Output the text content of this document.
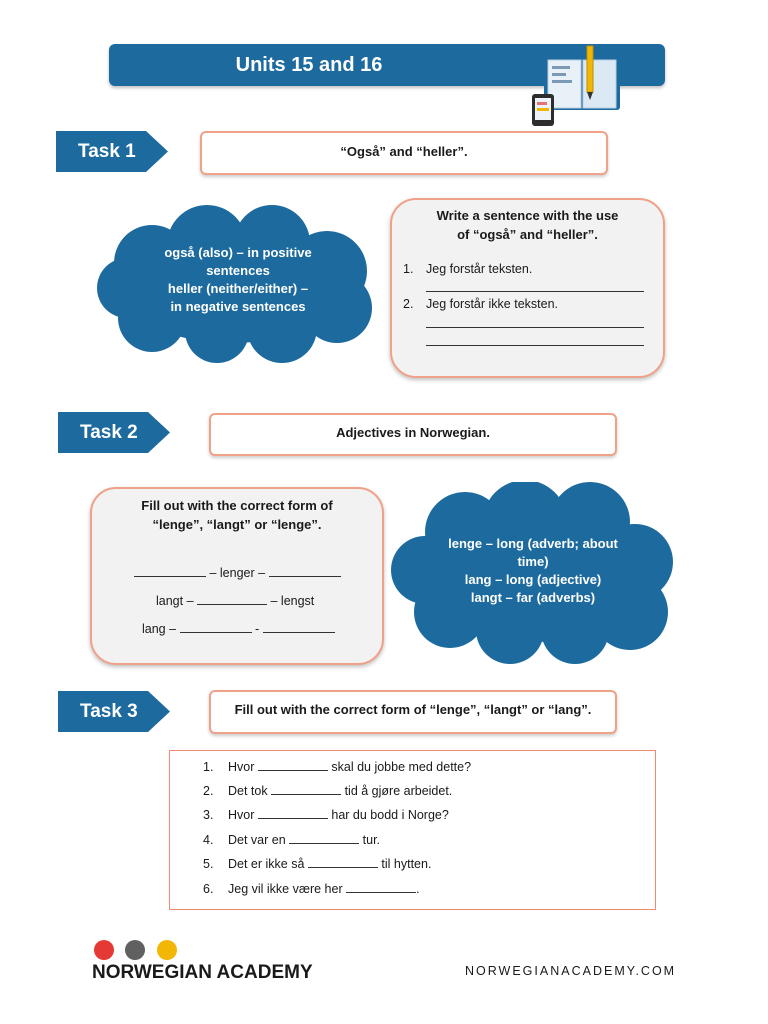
Units 15 and 16
Task 1	“Også” and “heller”.
også (also) – in positive
sentences
heller (neither/either) –
in negative sentences
Write a sentence with the use
of “også” and “heller”.
1. Jeg forstår teksten.
2. Jeg forstår ikke teksten.
Task 2	Adjectives in Norwegian.
Fill out with the correct form of
“lenge”, “langt” or “lenge”.
– lenger –
langt –	– lengst
lang –	-
lenge – long (adverb; about
time)
lang – long (adjective)
langt – far (adverbs)
Task 3	Fill out with the correct form of “lenge”, “langt” or “lang”.
1. Hvor	skal du jobbe med dette?
2. Det tok	tid å gjøre arbeidet.
3. Hvor	har du bodd i Norge?
4. Det var en	tur.
5. Det er ikke så	til hytten.
6. Jeg vil ikke være her	.
NORWEGIAN ACADEMY	NORWEGIANACADEMY.COM
